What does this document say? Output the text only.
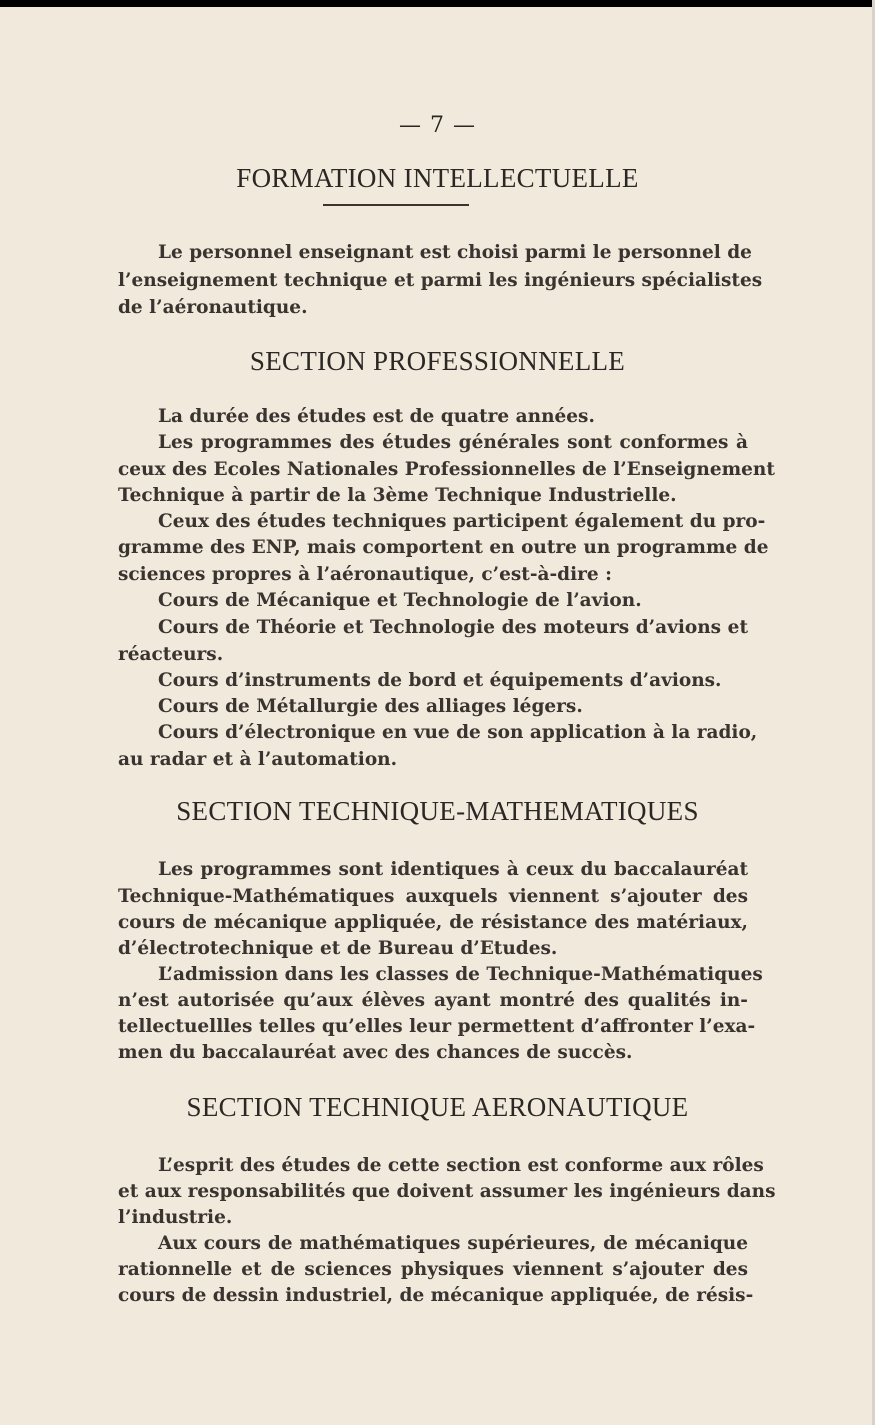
— 7 —
FORMATION INTELLECTUELLE
Le personnel enseignant est choisi parmi le personnel de
l’enseignement technique et parmi les ingénieurs spécialistes
de l’aéronautique.
SECTION PROFESSIONNELLE
La durée des études est de quatre années.
Les programmes des études générales sont conformes à
ceux des Ecoles Nationales Professionnelles de l’Enseignement
Technique à partir de la 3ème Technique Industrielle.
Ceux des études techniques participent également du pro-
gramme des ENP, mais comportent en outre un programme de
sciences propres à l’aéronautique, c’est-à-dire :
Cours de Mécanique et Technologie de l’avion.
Cours de Théorie et Technologie des moteurs d’avions et
réacteurs.
Cours d’instruments de bord et équipements d’avions.
Cours de Métallurgie des alliages légers.
Cours d’électronique en vue de son application à la radio,
au radar et à l’automation.
SECTION TECHNIQUE-MATHEMATIQUES
Les programmes sont identiques à ceux du baccalauréat
Technique-Mathématiques auxquels viennent s’ajouter des
cours de mécanique appliquée, de résistance des matériaux,
d’électrotechnique et de Bureau d’Etudes.
L’admission dans les classes de Technique-Mathématiques
n’est autorisée qu’aux élèves ayant montré des qualités in-
tellectuellles telles qu’elles leur permettent d’affronter l’exa-
men du baccalauréat avec des chances de succès.
SECTION TECHNIQUE AERONAUTIQUE
L’esprit des études de cette section est conforme aux rôles
et aux responsabilités que doivent assumer les ingénieurs dans
l’industrie.
Aux cours de mathématiques supérieures, de mécanique
rationnelle et de sciences physiques viennent s’ajouter des
cours de dessin industriel, de mécanique appliquée, de résis-
